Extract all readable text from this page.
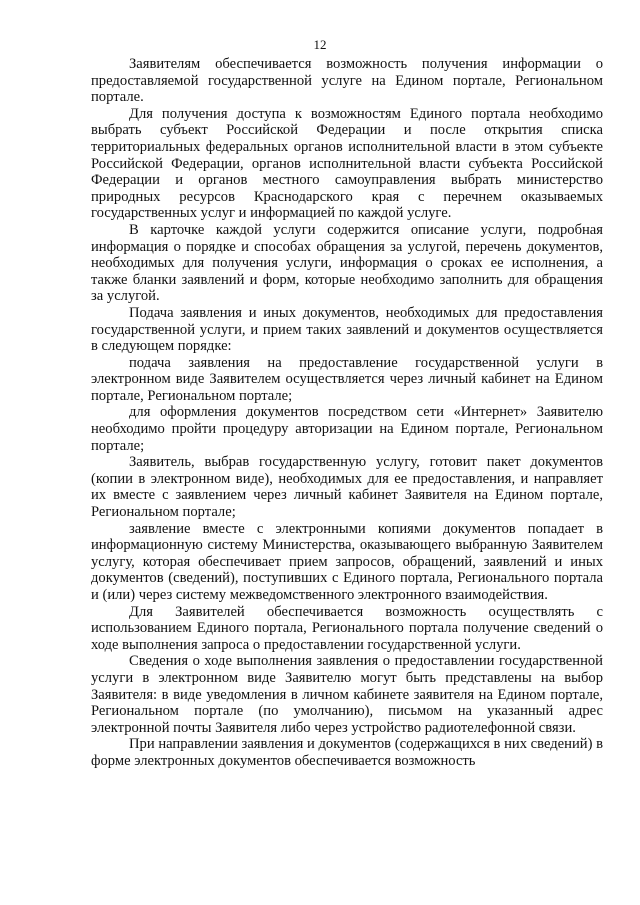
12

Заявителям обеспечивается возможность получения информации о предоставляемой государственной услуге на Едином портале, Региональном портале.

Для получения доступа к возможностям Единого портала необходимо выбрать субъект Российской Федерации и после открытия списка территориальных федеральных органов исполнительной власти в этом субъекте Российской Федерации, органов исполнительной власти субъекта Российской Федерации и органов местного самоуправления выбрать министерство природных ресурсов Краснодарского края с перечнем оказываемых государственных услуг и информацией по каждой услуге.

В карточке каждой услуги содержится описание услуги, подробная информация о порядке и способах обращения за услугой, перечень документов, необходимых для получения услуги, информация о сроках ее исполнения, а также бланки заявлений и форм, которые необходимо заполнить для обращения за услугой.

Подача заявления и иных документов, необходимых для предоставления государственной услуги, и прием таких заявлений и документов осуществляется в следующем порядке:

подача заявления на предоставление государственной услуги в электронном виде Заявителем осуществляется через личный кабинет на Едином портале, Региональном портале;

для оформления документов посредством сети «Интернет» Заявителю необходимо пройти процедуру авторизации на Едином портале, Региональном портале;

Заявитель, выбрав государственную услугу, готовит пакет документов (копии в электронном виде), необходимых для ее предоставления, и направляет их вместе с заявлением через личный кабинет Заявителя на Едином портале, Региональном портале;

заявление вместе с электронными копиями документов попадает в информационную систему Министерства, оказывающего выбранную Заявителем услугу, которая обеспечивает прием запросов, обращений, заявлений и иных документов (сведений), поступивших с Единого портала, Регионального портала и (или) через систему межведомственного электронного взаимодействия.

Для Заявителей обеспечивается возможность осуществлять с использованием Единого портала, Регионального портала получение сведений о ходе выполнения запроса о предоставлении государственной услуги.

Сведения о ходе выполнения заявления о предоставлении государственной услуги в электронном виде Заявителю могут быть представлены на выбор Заявителя: в виде уведомления в личном кабинете заявителя на Едином портале, Региональном портале (по умолчанию), письмом на указанный адрес электронной почты Заявителя либо через устройство радиотелефонной связи.

При направлении заявления и документов (содержащихся в них сведений) в форме электронных документов обеспечивается возможность
